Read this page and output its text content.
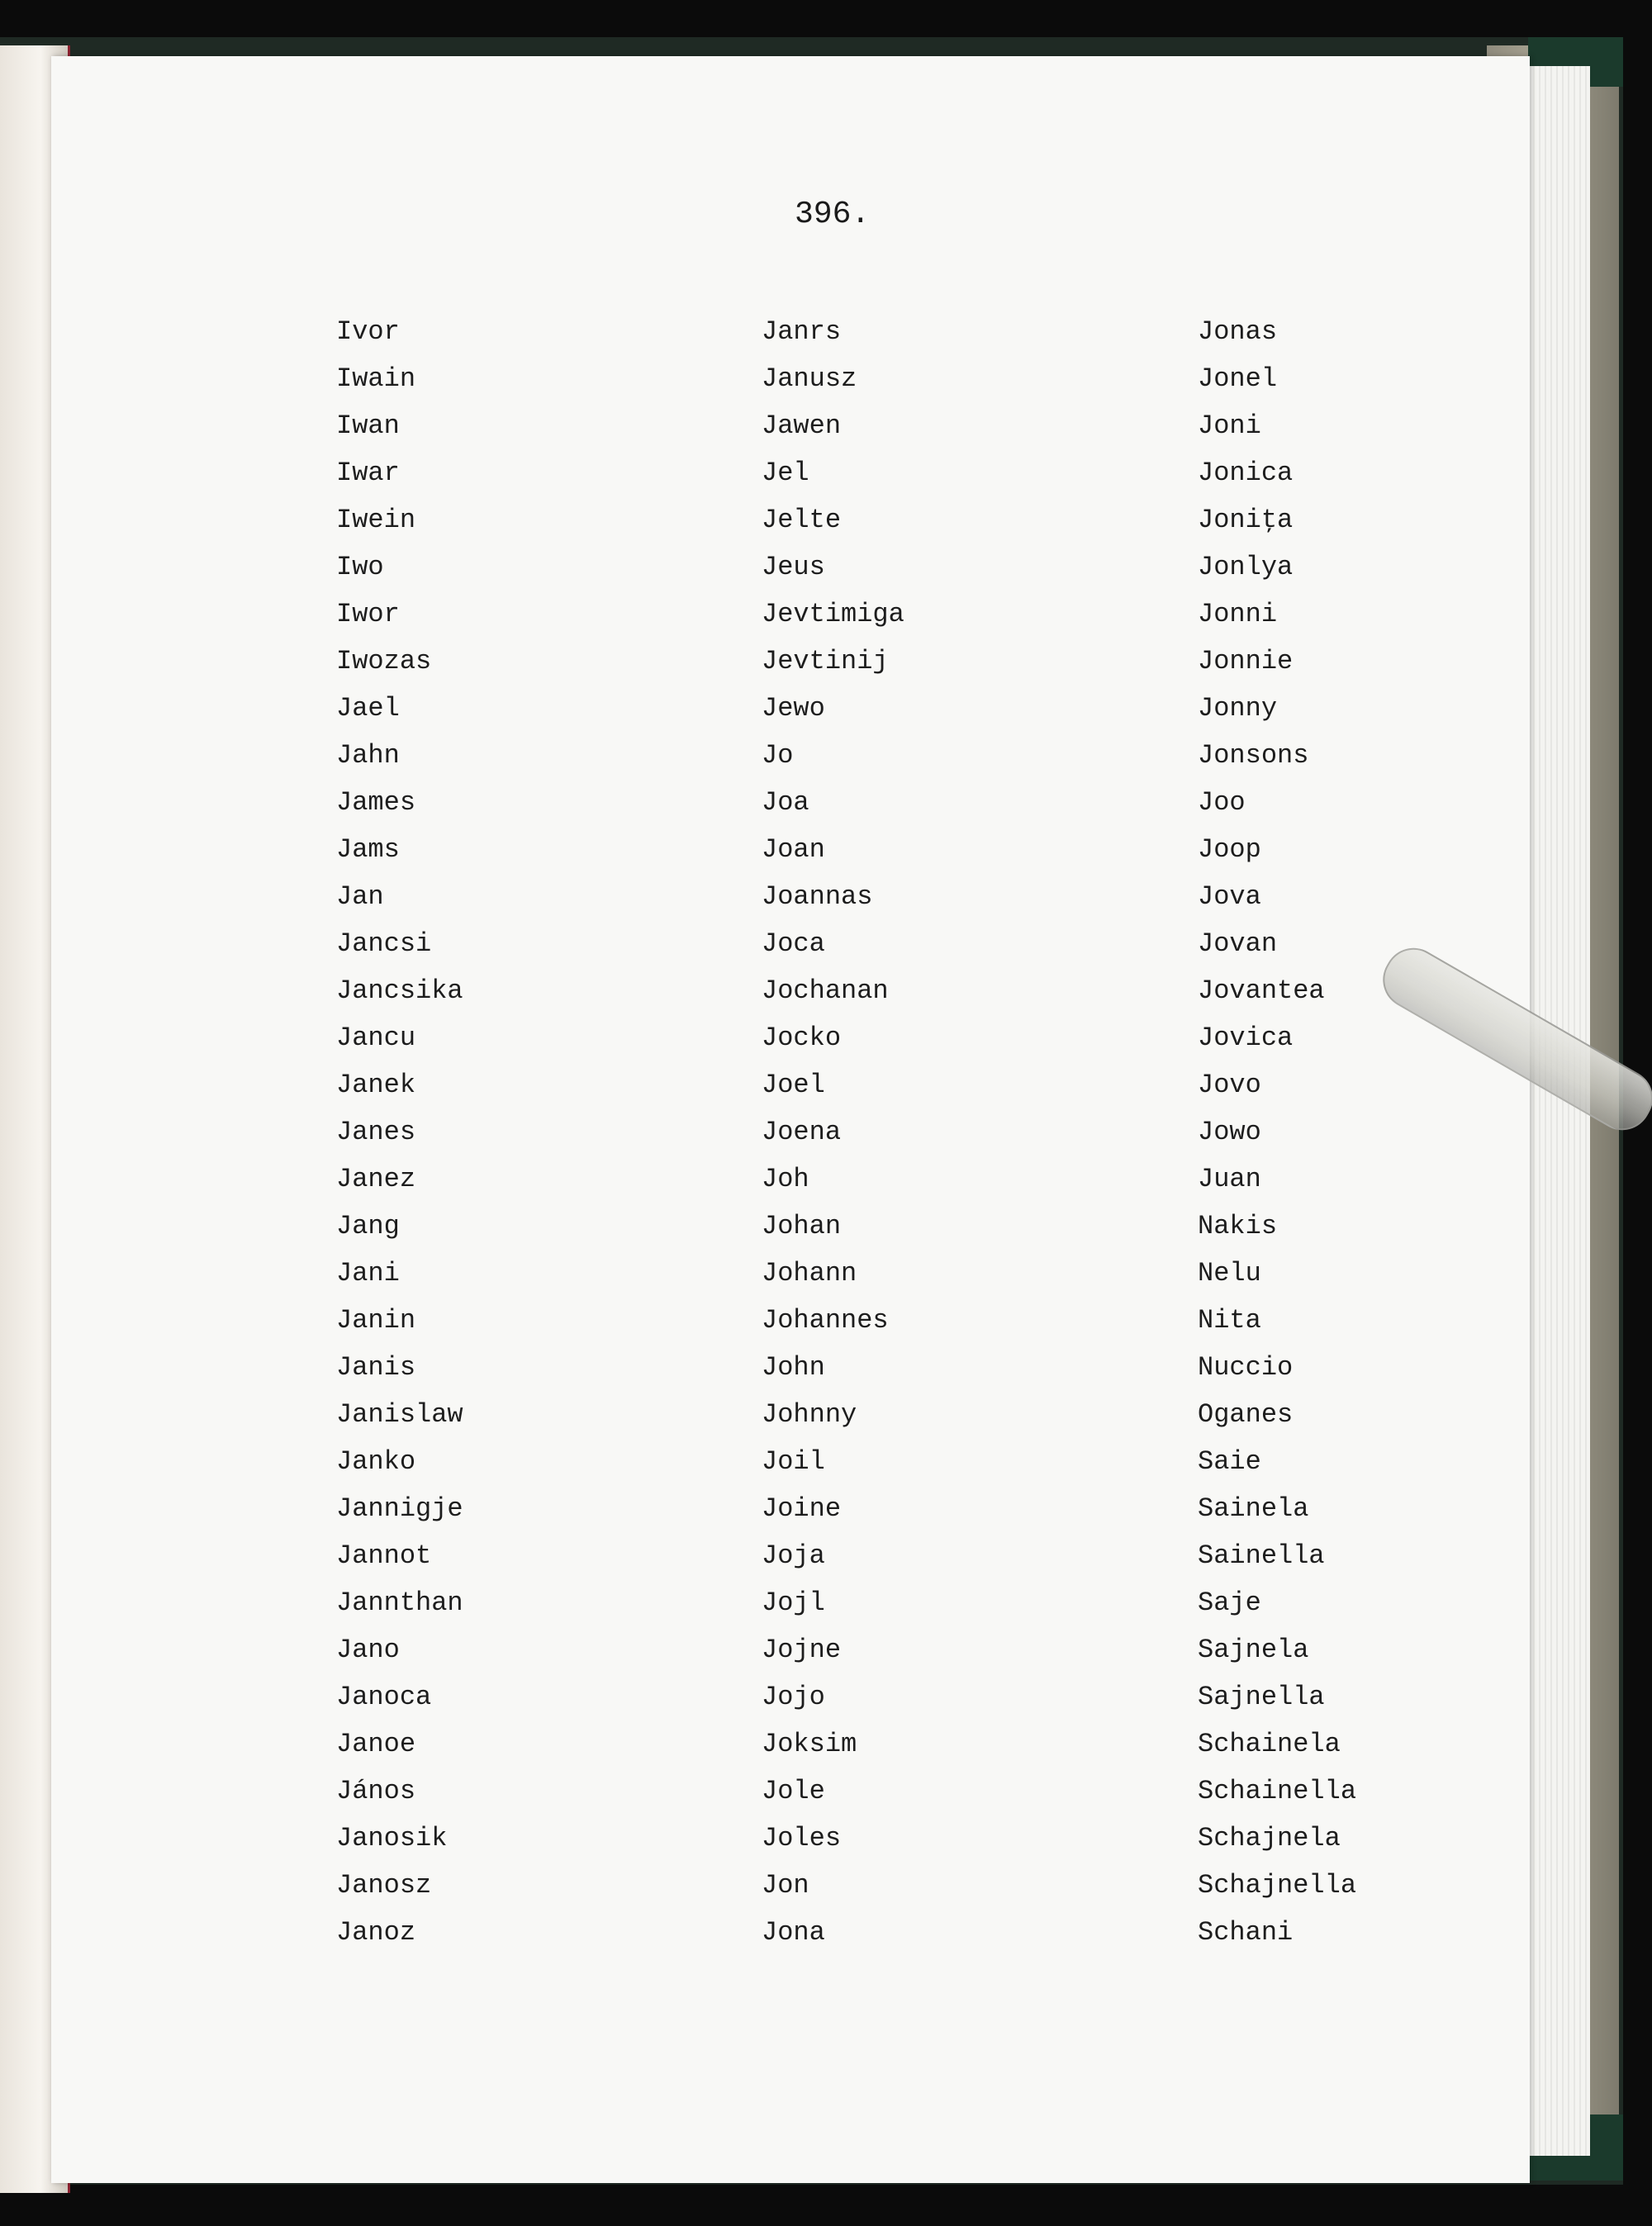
396.
Ivor
Iwain
Iwan
Iwar
Iwein
Iwo
Iwor
Iwozas
Jael
Jahn
James
Jams
Jan
Jancsi
Jancsika
Jancu
Janek
Janes
Janez
Jang
Jani
Janin
Janis
Janislaw
Janko
Jannigje
Jannot
Jannthan
Jano
Janoca
Janoe
János
Janosik
Janosz
Janoz
Janrs
Janusz
Jawen
Jel
Jelte
Jeus
Jevtimiga
Jevtinij
Jewo
Jo
Joa
Joan
Joannas
Joca
Jochanan
Jocko
Joel
Joena
Joh
Johan
Johann
Johannes
John
Johnny
Joil
Joine
Joja
Jojl
Jojne
Jojo
Joksim
Jole
Joles
Jon
Jona
Jonas
Jonel
Joni
Jonica
Joniţa
Jonlya
Jonni
Jonnie
Jonny
Jonsons
Joo
Joop
Jova
Jovan
Jovantea
Jovica
Jovo
Jowo
Juan
Nakis
Nelu
Nita
Nuccio
Oganes
Saie
Sainela
Sainella
Saje
Sajnela
Sajnella
Schainela
Schainella
Schajnela
Schajnella
Schani
